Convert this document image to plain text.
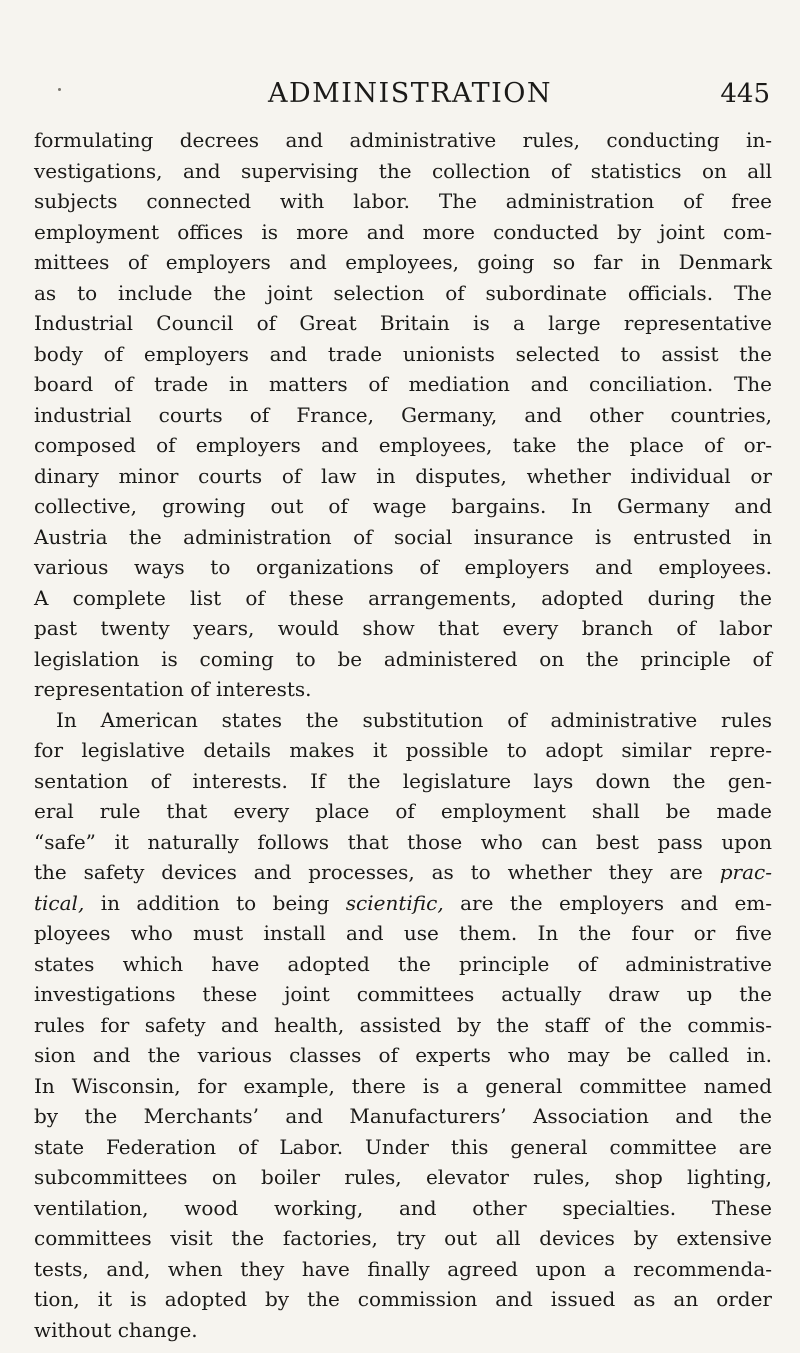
ADMINISTRATION	445
formulating decrees and administrative rules, conducting in-
vestigations, and supervising the collection of statistics on all
subjects connected with labor. The administration of free
employment offices is more and more conducted by joint com-
mittees of employers and employees, going so far in Denmark
as to include the joint selection of subordinate officials. The
Industrial Council of Great Britain is a large representative
body of employers and trade unionists selected to assist the
board of trade in matters of mediation and conciliation. The
industrial courts of France, Germany, and other countries,
composed of employers and employees, take the place of or-
dinary minor courts of law in disputes, whether individual or
collective, growing out of wage bargains. In Germany and
Austria the administration of social insurance is entrusted in
various ways to organizations of employers and employees.
A complete list of these arrangements, adopted during the
past twenty years, would show that every branch of labor
legislation is coming to be administered on the principle of
representation of interests.
In American states the substitution of administrative rules
for legislative details makes it possible to adopt similar repre-
sentation of interests. If the legislature lays down the gen-
eral rule that every place of employment shall be made
“safe” it naturally follows that those who can best pass upon
the safety devices and processes, as to whether they are prac-
tical, in addition to being scientific, are the employers and em-
ployees who must install and use them. In the four or five
states which have adopted the principle of administrative
investigations these joint committees actually draw up the
rules for safety and health, assisted by the staff of the commis-
sion and the various classes of experts who may be called in.
In Wisconsin, for example, there is a general committee named
by the Merchants’ and Manufacturers’ Association and the
state Federation of Labor. Under this general committee are
subcommittees on boiler rules, elevator rules, shop lighting,
ventilation, wood working, and other specialties. These
committees visit the factories, try out all devices by extensive
tests, and, when they have finally agreed upon a recommenda-
tion, it is adopted by the commission and issued as an order
without change.
